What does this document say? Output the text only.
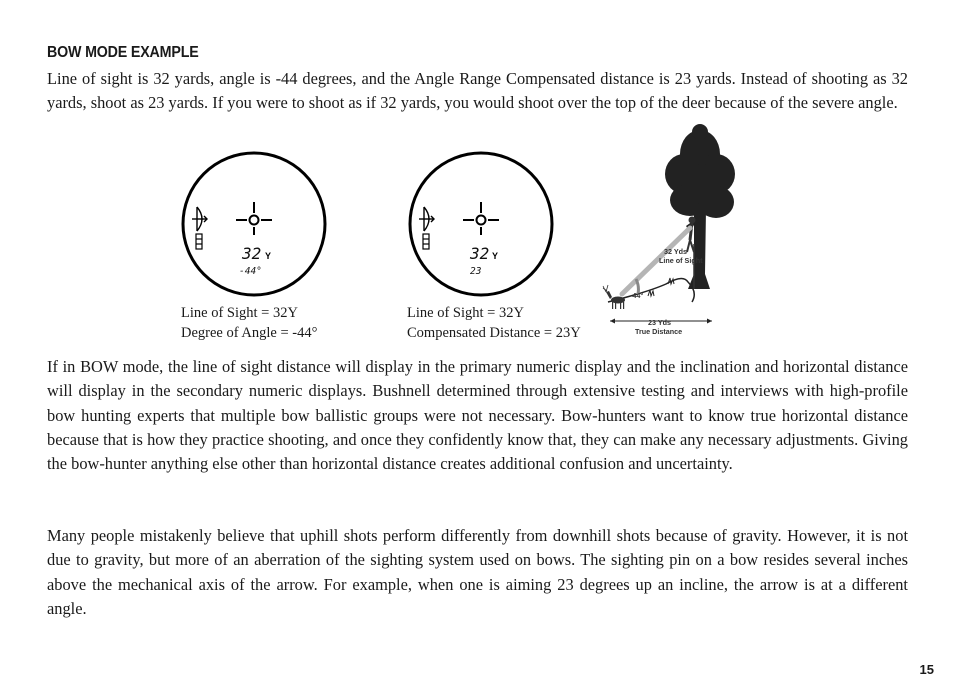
BOW MODE EXAMPLE

Line of sight is 32 yards, angle is -44 degrees, and the Angle Range Compensated distance is 23 yards. Instead of shooting as 32 yards, shoot as 23 yards. If you were to shoot as if 32 yards, you would shoot over the top of the deer because of the severe angle.

32 Y
-44°
32 Y
23
Line of Sight = 32Y
Degree of Angle = -44°
Line of Sight = 32Y
Compensated Distance = 23Y
32 Yds
Line of Sight
-44°
23 Yds
True Distance

If in BOW mode, the line of sight distance will display in the primary numeric display and the inclination and horizontal distance will display in the secondary numeric displays. Bushnell determined through extensive testing and interviews with high-profile bow hunting experts that multiple bow ballistic groups were not necessary. Bow-hunters want to know true horizontal distance because that is how they practice shooting, and once they confidently know that, they can make any necessary adjustments. Giving the bow-hunter anything else other than horizontal distance creates additional confusion and uncertainty.

Many people mistakenly believe that uphill shots perform differently from downhill shots because of gravity. However, it is not due to gravity, but more of an aberration of the sighting system used on bows. The sighting pin on a bow resides several inches above the mechanical axis of the arrow. For example, when one is aiming 23 degrees up an incline, the arrow is at a different angle.

15
